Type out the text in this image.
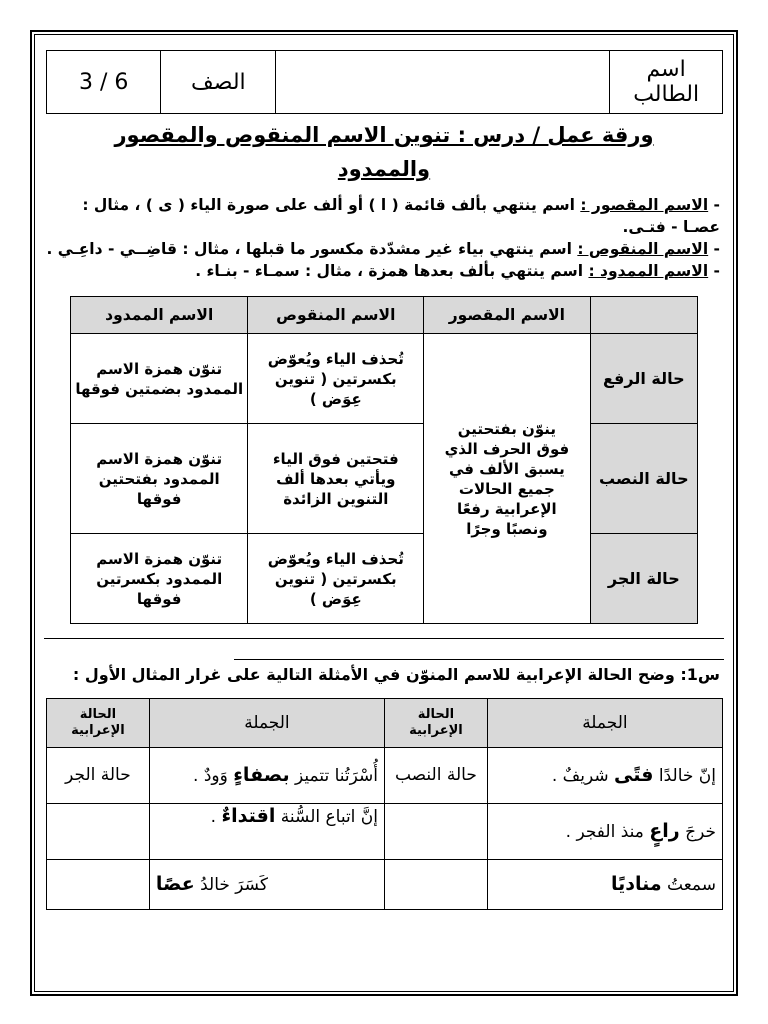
اسم الطالب		الصف	3 / 6
ورقة عمل / درس : تنوين الاسم المنقوص والمقصور والممدود
- الاسم المقصور : اسم ينتهي بألف قائمة ( ا ) أو ألف على صورة الياء ( ى ) ، مثال : عصـا - فتـى.
- الاسم المنقوص : اسم ينتهي بياء غير مشدّدة مكسور ما قبلها ، مثال : قاضِــي - داعِـي .
- الاسم الممدود : اسم ينتهي بألف بعدها همزة ، مثال : سمـاء - بنـاء .
	الاسم المقصور	الاسم المنقوص	الاسم الممدود
حالة الرفع	ينوّن بفتحتين فوق الحرف الذي يسبق الألف في جميع الحالات الإعرابية رفعًا ونصبًا وجرًا	تُحذف الياء ويُعوّض بكسرتين ( تنوين عِوَض )	تنوّن همزة الاسم الممدود بضمتين فوقها
حالة النصب		فتحتين فوق الياء ويأتي بعدها ألف التنوين الزائدة	تنوّن همزة الاسم الممدود بفتحتين فوقها
حالة الجر		تُحذف الياء ويُعوّض بكسرتين ( تنوين عِوَض )	تنوّن همزة الاسم الممدود بكسرتين فوقها
س1: وضح الحالة الإعرابية للاسم المنوّن في الأمثلة التالية على غرار المثال الأول :
الجملة	الحالة الإعرابية	الجملة	الحالة الإعرابية
إنّ خالدًا فتًى شريفٌ .	حالة النصب	أُسْرَتُنا تتميز بصفاءٍ وَودٌ .	حالة الجر
خرجَ راعٍ منذ الفجر .		إنَّ اتباع السُّنة اقتداءٌ .	
سمعتُ مناديًا		كَسَرَ خالدُ عصًا	
